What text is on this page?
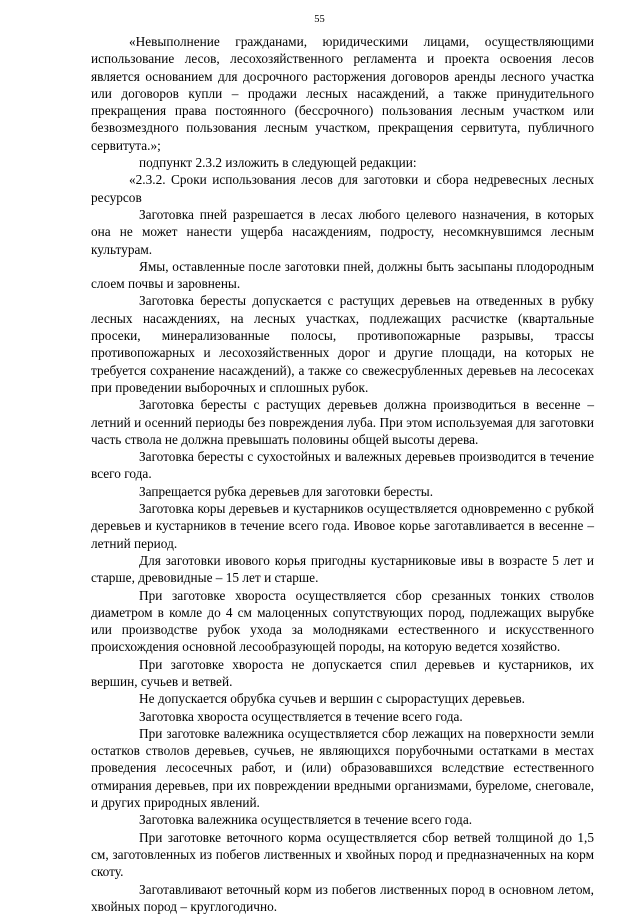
55

«Невыполнение гражданами, юридическими лицами, осуществляющими использование лесов, лесохозяйственного регламента и проекта освоения лесов является основанием для досрочного расторжения договоров аренды лесного участка или договоров купли – продажи лесных насаждений, а также принудительного прекращения права постоянного (бессрочного) пользования лесным участком или безвозмездного пользования лесным участком, прекращения сервитута, публичного сервитута.»;

подпункт 2.3.2 изложить в следующей редакции:

«2.3.2. Сроки использования лесов для заготовки и сбора недревесных лесных ресурсов

Заготовка пней разрешается в лесах любого целевого назначения, в которых она не может нанести ущерба насаждениям, подросту, несомкнувшимся лесным культурам.

Ямы, оставленные после заготовки пней, должны быть засыпаны плодородным слоем почвы и заровнены.

Заготовка бересты допускается с растущих деревьев на отведенных в рубку лесных насаждениях, на лесных участках, подлежащих расчистке (квартальные просеки, минерализованные полосы, противопожарные разрывы, трассы противопожарных и лесохозяйственных дорог и другие площади, на которых не требуется сохранение насаждений), а также со свежесрубленных деревьев на лесосеках при проведении выборочных и сплошных рубок.

Заготовка бересты с растущих деревьев должна производиться в весенне – летний и осенний периоды без повреждения луба. При этом используемая для заготовки часть ствола не должна превышать половины общей высоты дерева.

Заготовка бересты с сухостойных и валежных деревьев производится в течение всего года.

Запрещается рубка деревьев для заготовки бересты.

Заготовка коры деревьев и кустарников осуществляется одновременно с рубкой деревьев и кустарников в течение всего года. Ивовое корье заготавливается в весенне – летний период.

Для заготовки ивового корья пригодны кустарниковые ивы в возрасте 5 лет и старше, древовидные – 15 лет и старше.

При заготовке хвороста осуществляется сбор срезанных тонких стволов диаметром в комле до 4 см малоценных сопутствующих пород, подлежащих вырубке или производстве рубок ухода за молодняками естественного и искусственного происхождения основной лесообразующей породы, на которую ведется хозяйство.

При заготовке хвороста не допускается спил деревьев и кустарников, их вершин, сучьев и ветвей.

Не допускается обрубка сучьев и вершин с сырорастущих деревьев.

Заготовка хвороста осуществляется в течение всего года.

При заготовке валежника осуществляется сбор лежащих на поверхности земли остатков стволов деревьев, сучьев, не являющихся порубочными остатками в местах проведения лесосечных работ, и (или) образовавшихся вследствие естественного отмирания деревьев, при их повреждении вредными организмами, буреломе, снеговале, и других природных явлений.

Заготовка валежника осуществляется в течение всего года.

При заготовке веточного корма осуществляется сбор ветвей толщиной до 1,5 см, заготовленных из побегов лиственных и хвойных пород и предназначенных на корм скоту.

Заготавливают веточный корм из побегов лиственных пород в основном летом, хвойных пород – круглогодично.
